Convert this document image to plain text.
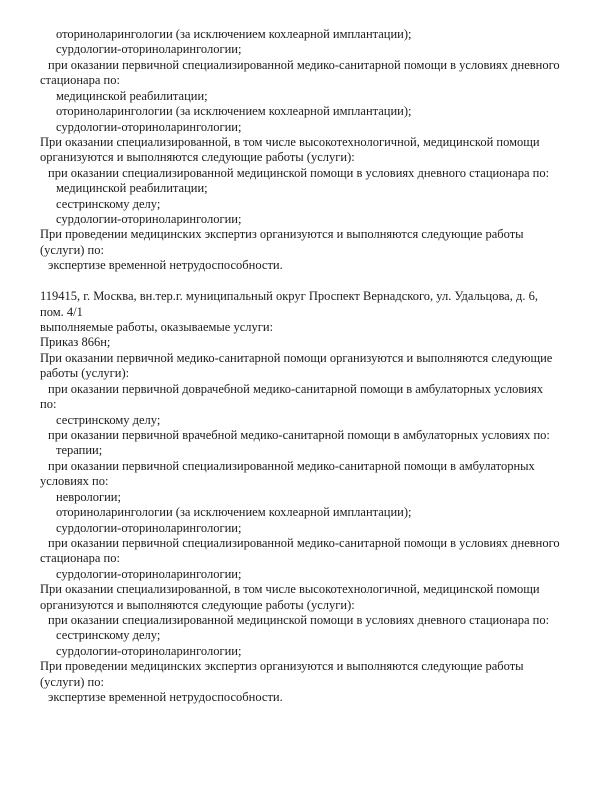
оториноларингологии (за исключением кохлеарной имплантации);
сурдологии-оториноларингологии;
при оказании первичной специализированной медико-санитарной помощи в условиях дневного
стационара по:
медицинской реабилитации;
оториноларингологии (за исключением кохлеарной имплантации);
сурдологии-оториноларингологии;
При оказании специализированной, в том числе высокотехнологичной, медицинской помощи
организуются и выполняются следующие работы (услуги):
при оказании специализированной медицинской помощи в условиях дневного стационара по:
медицинской реабилитации;
сестринскому делу;
сурдологии-оториноларингологии;
При проведении медицинских экспертиз организуются и выполняются следующие работы
(услуги) по:
экспертизе временной нетрудоспособности.
119415, г. Москва, вн.тер.г. муниципальный округ Проспект Вернадского, ул. Удальцова, д. 6,
пом. 4/1
выполняемые работы, оказываемые услуги:
Приказ 866н;
При оказании первичной медико-санитарной помощи организуются и выполняются следующие
работы (услуги):
при оказании первичной доврачебной медико-санитарной помощи в амбулаторных условиях
по:
сестринскому делу;
при оказании первичной врачебной медико-санитарной помощи в амбулаторных условиях по:
терапии;
при оказании первичной специализированной медико-санитарной помощи в амбулаторных
условиях по:
неврологии;
оториноларингологии (за исключением кохлеарной имплантации);
сурдологии-оториноларингологии;
при оказании первичной специализированной медико-санитарной помощи в условиях дневного
стационара по:
сурдологии-оториноларингологии;
При оказании специализированной, в том числе высокотехнологичной, медицинской помощи
организуются и выполняются следующие работы (услуги):
при оказании специализированной медицинской помощи в условиях дневного стационара по:
сестринскому делу;
сурдологии-оториноларингологии;
При проведении медицинских экспертиз организуются и выполняются следующие работы
(услуги) по:
экспертизе временной нетрудоспособности.
